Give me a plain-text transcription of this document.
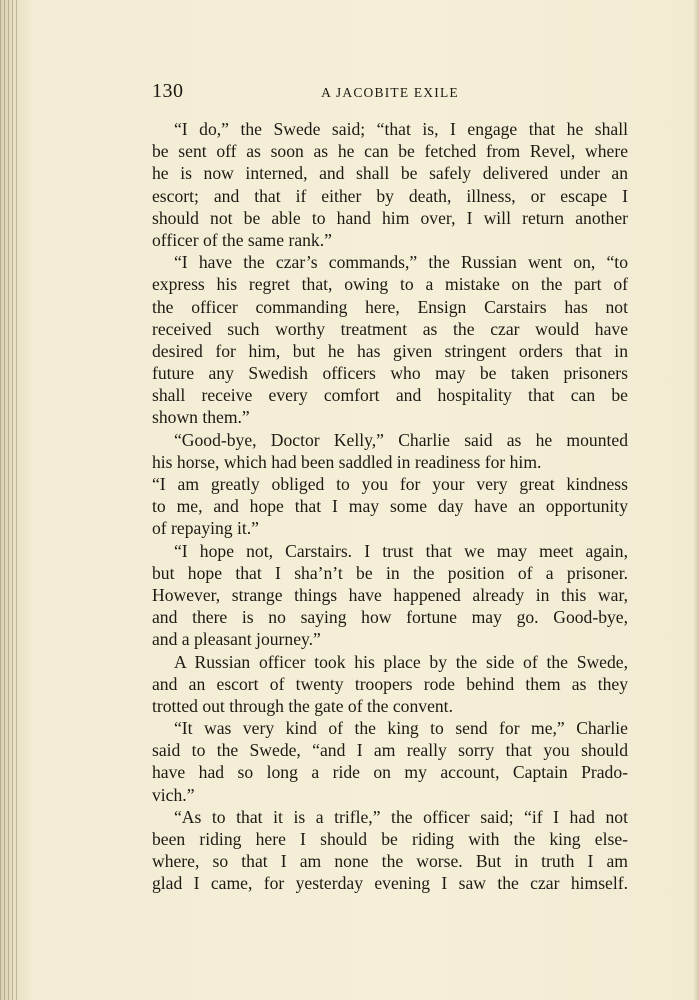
130	A JACOBITE EXILE
“I do,” the Swede said; “that is, I engage that he shall
be sent off as soon as he can be fetched from Revel, where
he is now interned, and shall be safely delivered under an
escort; and that if either by death, illness, or escape I
should not be able to hand him over, I will return another
officer of the same rank.”
“I have the czar’s commands,” the Russian went on, “to
express his regret that, owing to a mistake on the part of
the officer commanding here, Ensign Carstairs has not
received such worthy treatment as the czar would have
desired for him, but he has given stringent orders that in
future any Swedish officers who may be taken prisoners
shall receive every comfort and hospitality that can be
shown them.”
“Good-bye, Doctor Kelly,” Charlie said as he mounted
his horse, which had been saddled in readiness for him.
“I am greatly obliged to you for your very great kindness
to me, and hope that I may some day have an opportunity
of repaying it.”
“I hope not, Carstairs. I trust that we may meet again,
but hope that I sha’n’t be in the position of a prisoner.
However, strange things have happened already in this war,
and there is no saying how fortune may go. Good-bye,
and a pleasant journey.”
A Russian officer took his place by the side of the Swede,
and an escort of twenty troopers rode behind them as they
trotted out through the gate of the convent.
“It was very kind of the king to send for me,” Charlie
said to the Swede, “and I am really sorry that you should
have had so long a ride on my account, Captain Prado-
vich.”
“As to that it is a trifle,” the officer said; “if I had not
been riding here I should be riding with the king else-
where, so that I am none the worse. But in truth I am
glad I came, for yesterday evening I saw the czar himself.
